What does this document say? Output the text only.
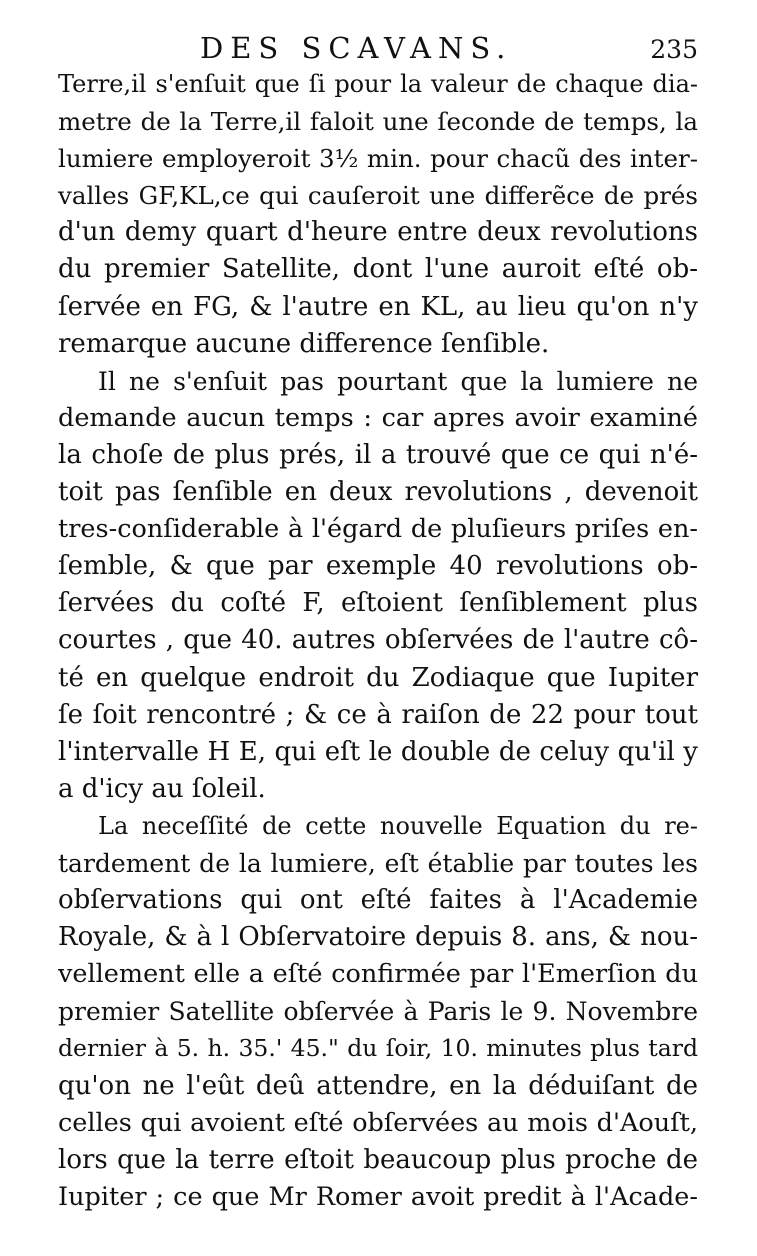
DES SCAVANS.	235
Terre,il s'enſuit que ſi pour la valeur de chaque dia-
metre de la Terre,il faloit une ſeconde de temps, la
lumiere employeroit 3½ min. pour chacũ des inter-
valles GF,KL,ce qui cauſeroit une differẽce de prés
d'un demy quart d'heure entre deux revolutions
du premier Satellite, dont l'une auroit eſté ob-
ſervée en FG, & l'autre en KL, au lieu qu'on n'y
remarque aucune difference ſenſible.
Il ne s'enſuit pas pourtant que la lumiere ne
demande aucun temps : car apres avoir examiné
la choſe de plus prés, il a trouvé que ce qui n'é-
toit pas ſenſible en deux revolutions , devenoit
tres-conſiderable à l'égard de pluſieurs priſes en-
ſemble, & que par exemple 40 revolutions ob-
ſervées du coſté F, eſtoient ſenſiblement plus
courtes , que 40. autres obſervées de l'autre cô-
té en quelque endroit du Zodiaque que Iupiter
ſe ſoit rencontré ; & ce à raiſon de 22 pour tout
l'intervalle H E, qui eſt le double de celuy qu'il y
a d'icy au ſoleil.
La neceſſité de cette nouvelle Equation du re-
tardement de la lumiere, eſt établie par toutes les
obſervations qui ont eſté faites à l'Academie
Royale, & à l Obſervatoire depuis 8. ans, & nou-
vellement elle a eſté confirmée par l'Emerſion du
premier Satellite obſervée à Paris le 9. Novembre
dernier à 5. h. 35.' 45." du ſoir, 10. minutes plus tard
qu'on ne l'eût deû attendre, en la déduiſant de
celles qui avoient eſté obſervées au mois d'Aouſt,
lors que la terre eſtoit beaucoup plus proche de
Iupiter ; ce que Mr Romer avoit predit à l'Acade-
